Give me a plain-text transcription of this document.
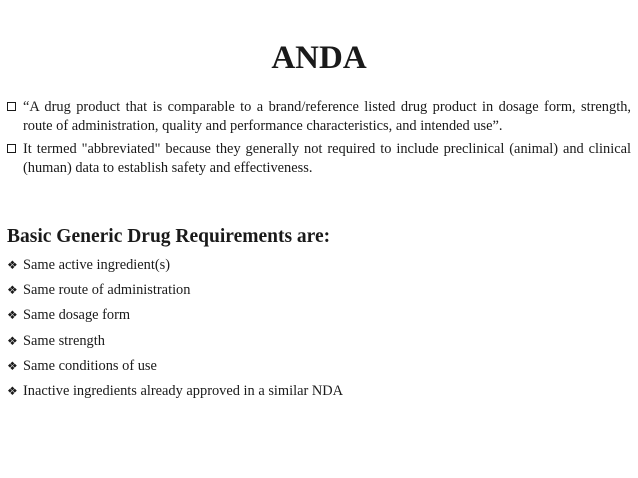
ANDA
“A drug product that is comparable to a brand/reference listed drug product in dosage form, strength, route of administration, quality and performance characteristics, and intended use”.
It termed "abbreviated" because they generally not required to include preclinical (animal) and clinical (human) data to establish safety and effectiveness.
Basic Generic Drug Requirements are:
❖ Same active ingredient(s)
❖ Same route of administration
❖ Same dosage form
❖ Same strength
❖ Same conditions of use
❖ Inactive ingredients already approved in a similar NDA
